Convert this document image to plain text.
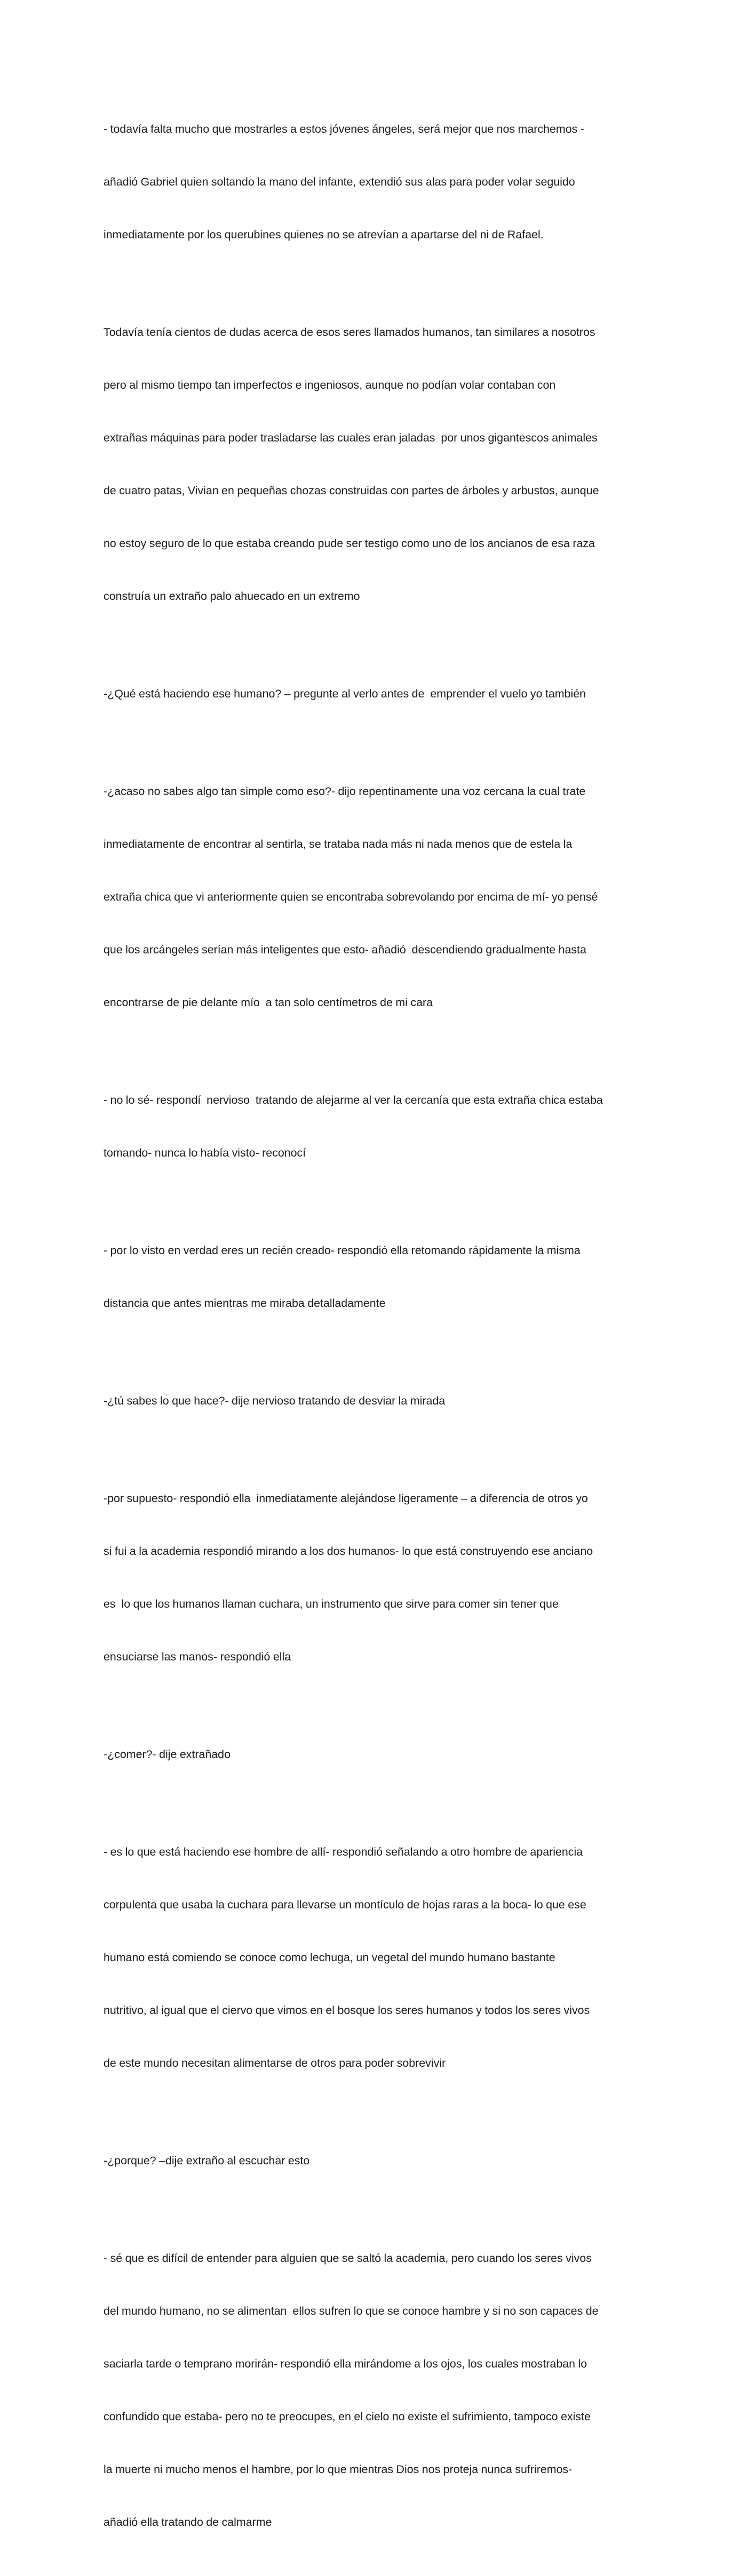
- todavía falta mucho que mostrarles a estos jóvenes ángeles, será mejor que nos marchemos -

añadió Gabriel quien soltando la mano del infante, extendió sus alas para poder volar seguido

inmediatamente por los querubines quienes no se atrevían a apartarse del ni de Rafael.

Todavía tenía cientos de dudas acerca de esos seres llamados humanos, tan similares a nosotros

pero al mismo tiempo tan imperfectos e ingeniosos, aunque no podían volar contaban con

extrañas máquinas para poder trasladarse las cuales eran jaladas  por unos gigantescos animales

de cuatro patas, Vivian en pequeñas chozas construidas con partes de árboles y arbustos, aunque

no estoy seguro de lo que estaba creando pude ser testigo como uno de los ancianos de esa raza

construía un extraño palo ahuecado en un extremo

-¿Qué está haciendo ese humano? – pregunte al verlo antes de  emprender el vuelo yo también

-¿acaso no sabes algo tan simple como eso?- dijo repentinamente una voz cercana la cual trate

inmediatamente de encontrar al sentirla, se trataba nada más ni nada menos que de estela la

extraña chica que vi anteriormente quien se encontraba sobrevolando por encima de mí- yo pensé

que los arcángeles serían más inteligentes que esto- añadió  descendiendo gradualmente hasta

encontrarse de pie delante mío  a tan solo centímetros de mi cara

- no lo sé- respondí  nervioso  tratando de alejarme al ver la cercanía que esta extraña chica estaba

tomando- nunca lo había visto- reconocí

- por lo visto en verdad eres un recién creado- respondió ella retomando rápidamente la misma

distancia que antes mientras me miraba detalladamente

-¿tú sabes lo que hace?- dije nervioso tratando de desviar la mirada

-por supuesto- respondió ella  inmediatamente alejándose ligeramente – a diferencia de otros yo

si fui a la academia respondió mirando a los dos humanos- lo que está construyendo ese anciano

es  lo que los humanos llaman cuchara, un instrumento que sirve para comer sin tener que

ensuciarse las manos- respondió ella

-¿comer?- dije extrañado

- es lo que está haciendo ese hombre de allí- respondió señalando a otro hombre de apariencia

corpulenta que usaba la cuchara para llevarse un montículo de hojas raras a la boca- lo que ese

humano está comiendo se conoce como lechuga, un vegetal del mundo humano bastante

nutritivo, al igual que el ciervo que vimos en el bosque los seres humanos y todos los seres vivos

de este mundo necesitan alimentarse de otros para poder sobrevivir

-¿porque? –dije extraño al escuchar esto

- sé que es difícil de entender para alguien que se saltó la academia, pero cuando los seres vivos

del mundo humano, no se alimentan  ellos sufren lo que se conoce hambre y si no son capaces de

saciarla tarde o temprano morirán- respondió ella mirándome a los ojos, los cuales mostraban lo

confundido que estaba- pero no te preocupes, en el cielo no existe el sufrimiento, tampoco existe

la muerte ni mucho menos el hambre, por lo que mientras Dios nos proteja nunca sufriremos-

añadió ella tratando de calmarme
